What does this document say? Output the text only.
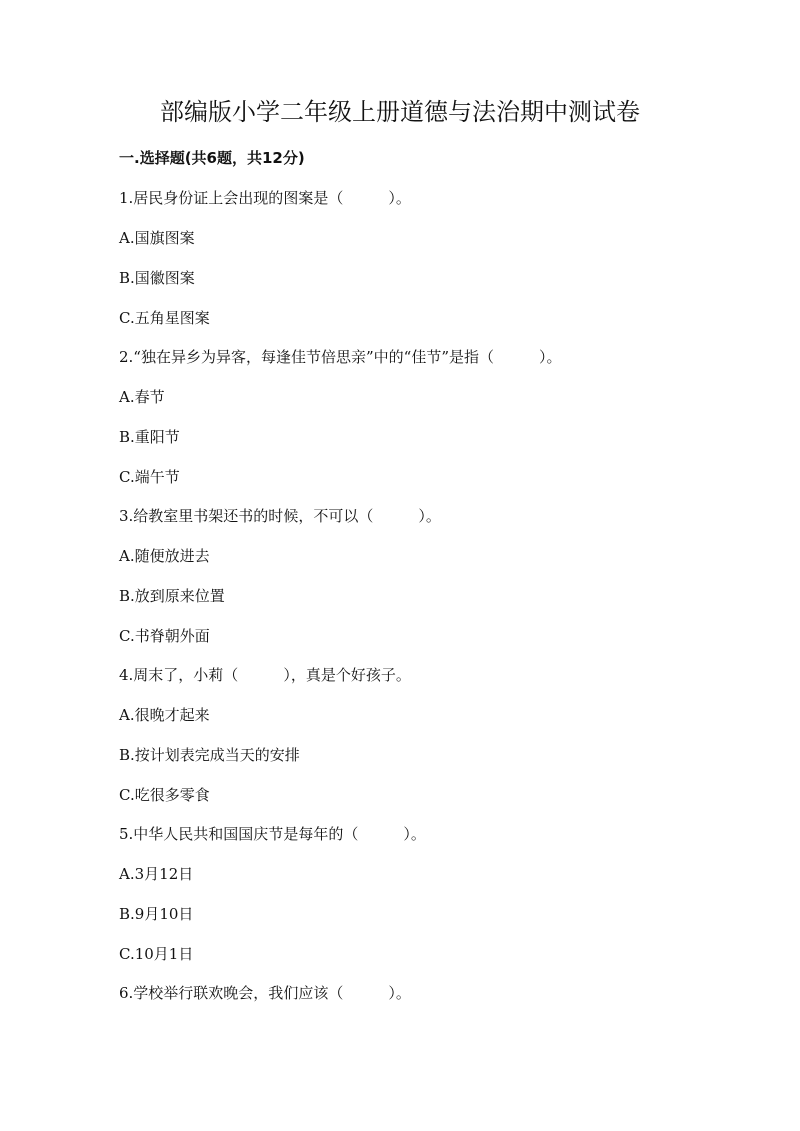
部编版小学二年级上册道德与法治期中测试卷
一.选择题(共6题，共12分)
1.居民身份证上会出现的图案是（　　　）。
A.国旗图案
B.国徽图案
C.五角星图案
2.“独在异乡为异客，每逢佳节倍思亲”中的“佳节”是指（　　　）。
A.春节
B.重阳节
C.端午节
3.给教室里书架还书的时候，不可以（　　　）。
A.随便放进去
B.放到原来位置
C.书脊朝外面
4.周末了，小莉（　　　），真是个好孩子。
A.很晚才起来
B.按计划表完成当天的安排
C.吃很多零食
5.中华人民共和国国庆节是每年的（　　　）。
A.3月12日
B.9月10日
C.10月1日
6.学校举行联欢晚会，我们应该（　　　）。
